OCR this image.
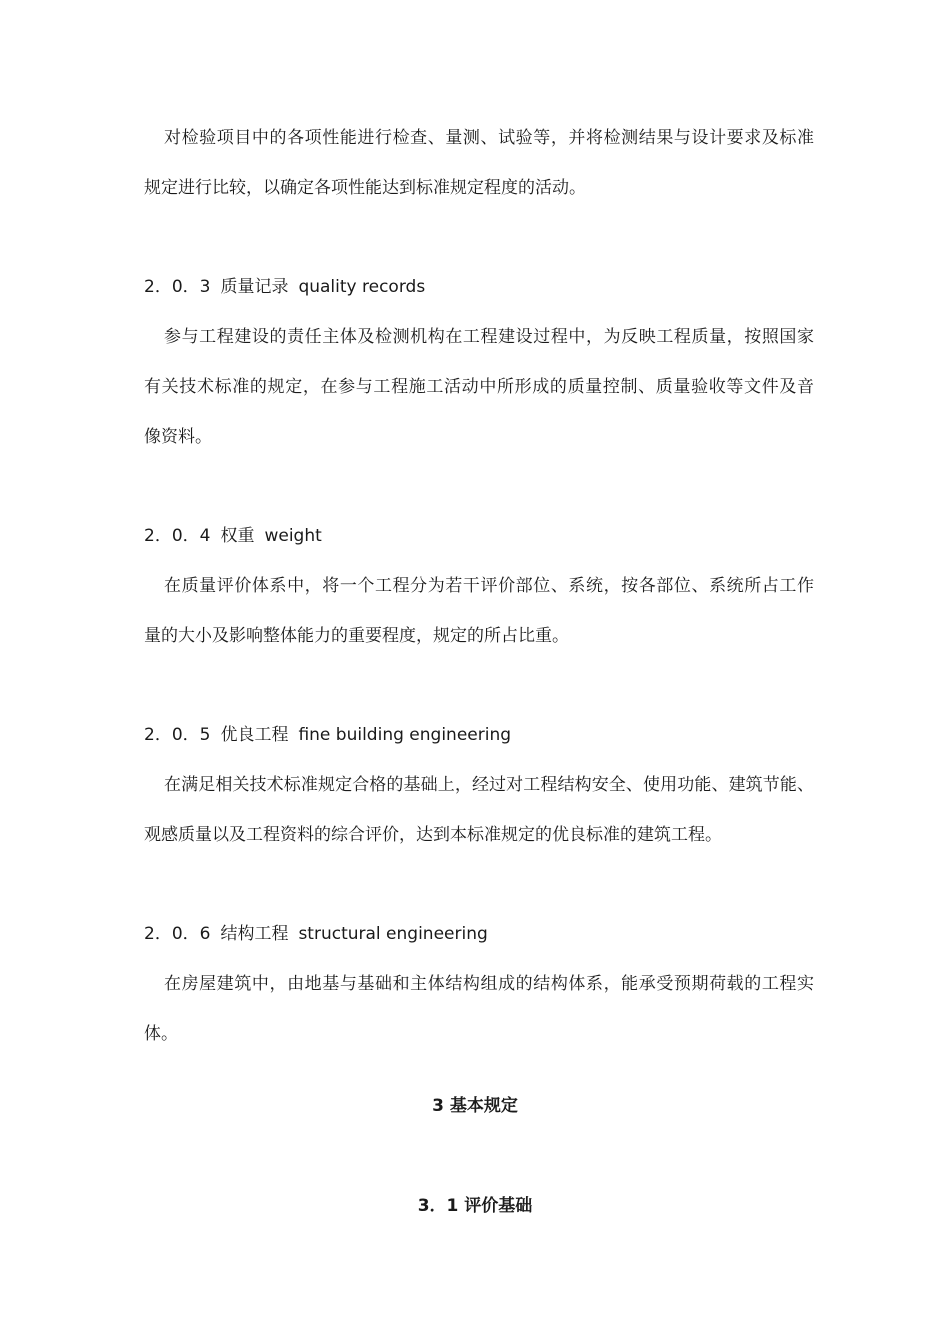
对检验项目中的各项性能进行检查、量测、试验等，并将检测结果与设计要求及标准
规定进行比较，以确定各项性能达到标准规定程度的活动。
2．0．3 质量记录 quality records
参与工程建设的责任主体及检测机构在工程建设过程中，为反映工程质量，按照国家
有关技术标准的规定，在参与工程施工活动中所形成的质量控制、质量验收等文件及音
像资料。
2．0．4 权重 weight
在质量评价体系中，将一个工程分为若干评价部位、系统，按各部位、系统所占工作
量的大小及影响整体能力的重要程度，规定的所占比重。
2．0．5 优良工程 fine building engineering
在满足相关技术标准规定合格的基础上，经过对工程结构安全、使用功能、建筑节能、
观感质量以及工程资料的综合评价，达到本标准规定的优良标准的建筑工程。
2．0．6 结构工程 structural engineering
在房屋建筑中，由地基与基础和主体结构组成的结构体系，能承受预期荷载的工程实
体。
3 基本规定
3．1 评价基础
